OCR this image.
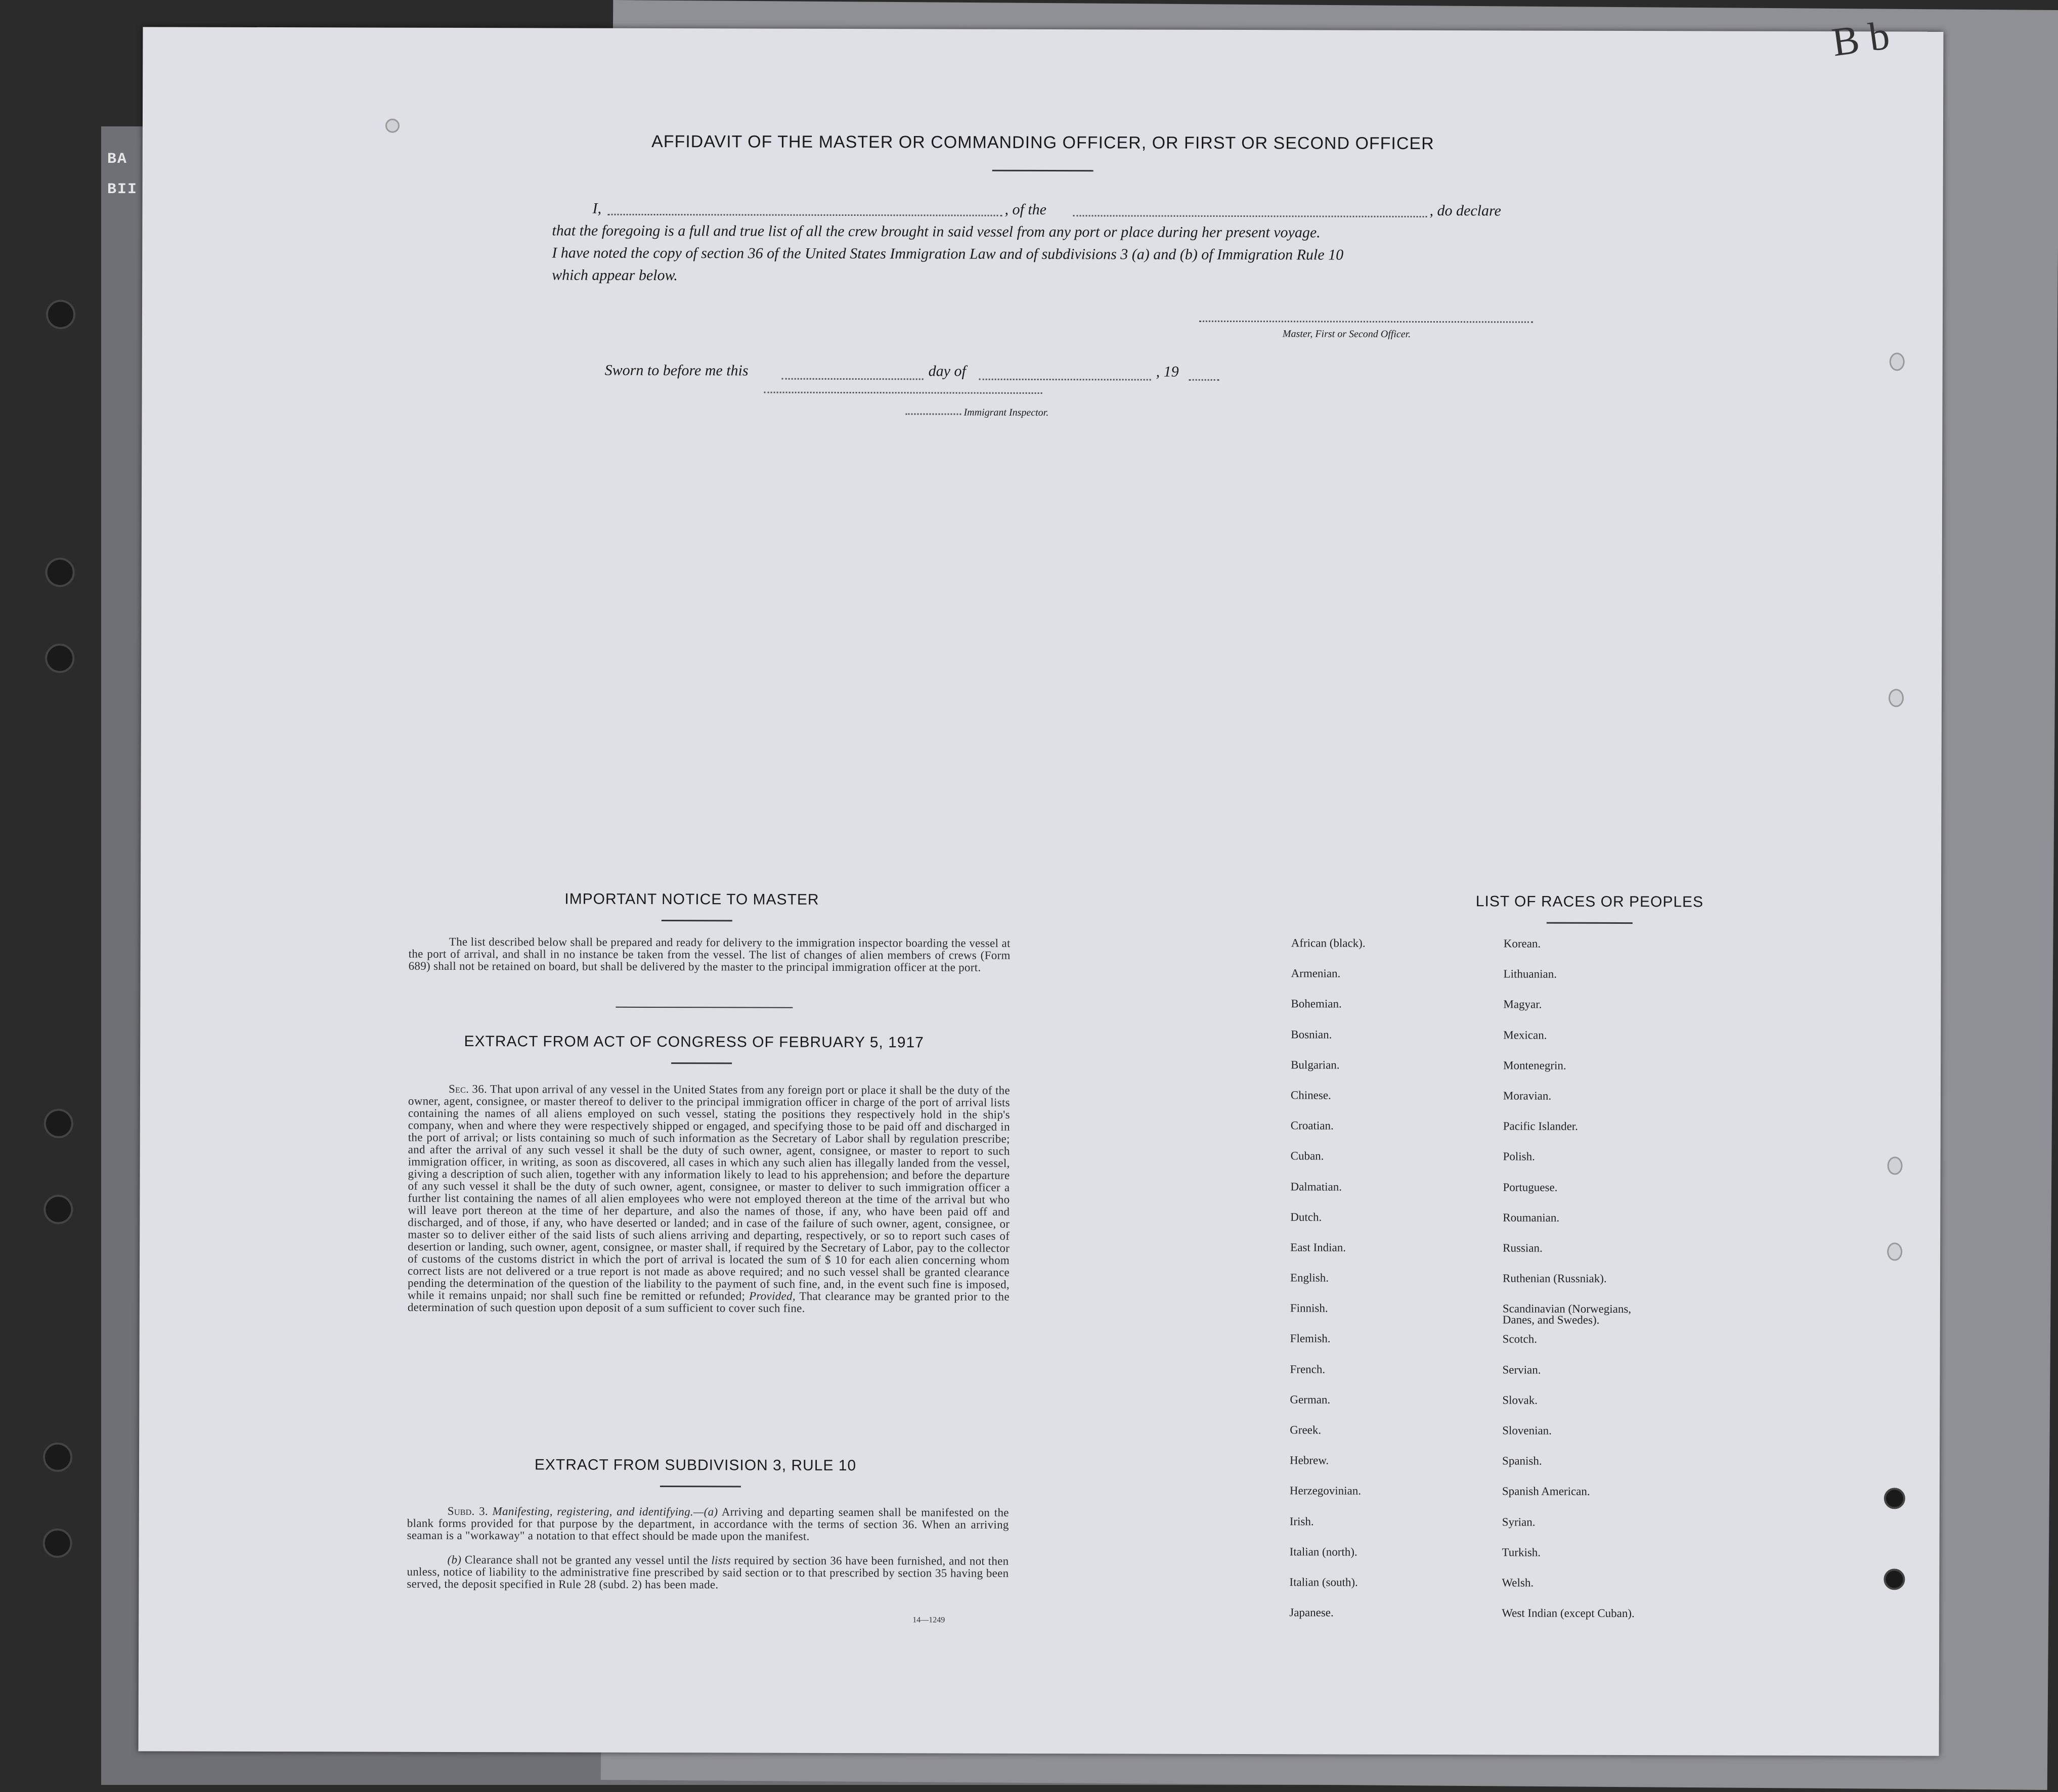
BA
BII
B b
AFFIDAVIT OF THE MASTER OR COMMANDING OFFICER, OR FIRST OR SECOND OFFICER
I,	, of the	, do declare
that the foregoing is a full and true list of all the crew brought in said vessel from any port or place during her present voyage.
I have noted the copy of section 36 of the United States Immigration Law and of subdivisions 3 (a) and (b) of Immigration Rule 10
which appear below.
Master, First or Second Officer.
Sworn to before me this	day of	, 19
Immigrant Inspector.
IMPORTANT NOTICE TO MASTER
The list described below shall be prepared and ready for delivery to the immigration inspector boarding the vessel at the port of arrival, and shall in no instance be taken from the vessel. The list of changes of alien members of crews (Form 689) shall not be retained on board, but shall be delivered by the master to the principal immigration officer at the port.
EXTRACT FROM ACT OF CONGRESS OF FEBRUARY 5, 1917
Sec. 36. That upon arrival of any vessel in the United States from any foreign port or place it shall be the duty of the owner, agent, consignee, or master thereof to deliver to the principal immigration officer in charge of the port of arrival lists containing the names of all aliens employed on such vessel, stating the positions they respectively hold in the ship's company, when and where they were respectively shipped or engaged, and specifying those to be paid off and discharged in the port of arrival; or lists containing so much of such information as the Secretary of Labor shall by regulation prescribe; and after the arrival of any such vessel it shall be the duty of such owner, agent, consignee, or master to report to such immigration officer, in writing, as soon as discovered, all cases in which any such alien has illegally landed from the vessel, giving a description of such alien, together with any information likely to lead to his apprehension; and before the departure of any such vessel it shall be the duty of such owner, agent, consignee, or master to deliver to such immigration officer a further list containing the names of all alien employees who were not employed thereon at the time of the arrival but who will leave port thereon at the time of her departure, and also the names of those, if any, who have been paid off and discharged, and of those, if any, who have deserted or landed; and in case of the failure of such owner, agent, consignee, or master so to deliver either of the said lists of such aliens arriving and departing, respectively, or so to report such cases of desertion or landing, such owner, agent, consignee, or master shall, if required by the Secretary of Labor, pay to the collector of customs of the customs district in which the port of arrival is located the sum of $ 10 for each alien concerning whom correct lists are not delivered or a true report is not made as above required; and no such vessel shall be granted clearance pending the determination of the question of the liability to the payment of such fine, and, in the event such fine is imposed, while it remains unpaid; nor shall such fine be remitted or refunded; Provided, That clearance may be granted prior to the determination of such question upon deposit of a sum sufficient to cover such fine.
EXTRACT FROM SUBDIVISION 3, RULE 10
Subd. 3. Manifesting, registering, and identifying.—(a) Arriving and departing seamen shall be manifested on the blank forms provided for that purpose by the department, in accordance with the terms of section 36. When an arriving seaman is a "workaway" a notation to that effect should be made upon the manifest.
(b) Clearance shall not be granted any vessel until the lists required by section 36 have been furnished, and not then unless, notice of liability to the administrative fine prescribed by said section or to that prescribed by section 35 having been served, the deposit specified in Rule 28 (subd. 2) has been made.
14—1249
LIST OF RACES OR PEOPLES
African (black).
Armenian.
Bohemian.
Bosnian.
Bulgarian.
Chinese.
Croatian.
Cuban.
Dalmatian.
Dutch.
East Indian.
English.
Finnish.
Flemish.
French.
German.
Greek.
Hebrew.
Herzegovinian.
Irish.
Italian (north).
Italian (south).
Japanese.
Korean.
Lithuanian.
Magyar.
Mexican.
Montenegrin.
Moravian.
Pacific Islander.
Polish.
Portuguese.
Roumanian.
Russian.
Ruthenian (Russniak).
Scandinavian (Norwegians,
Danes, and Swedes).
Scotch.
Servian.
Slovak.
Slovenian.
Spanish.
Spanish American.
Syrian.
Turkish.
Welsh.
West Indian (except Cuban).
